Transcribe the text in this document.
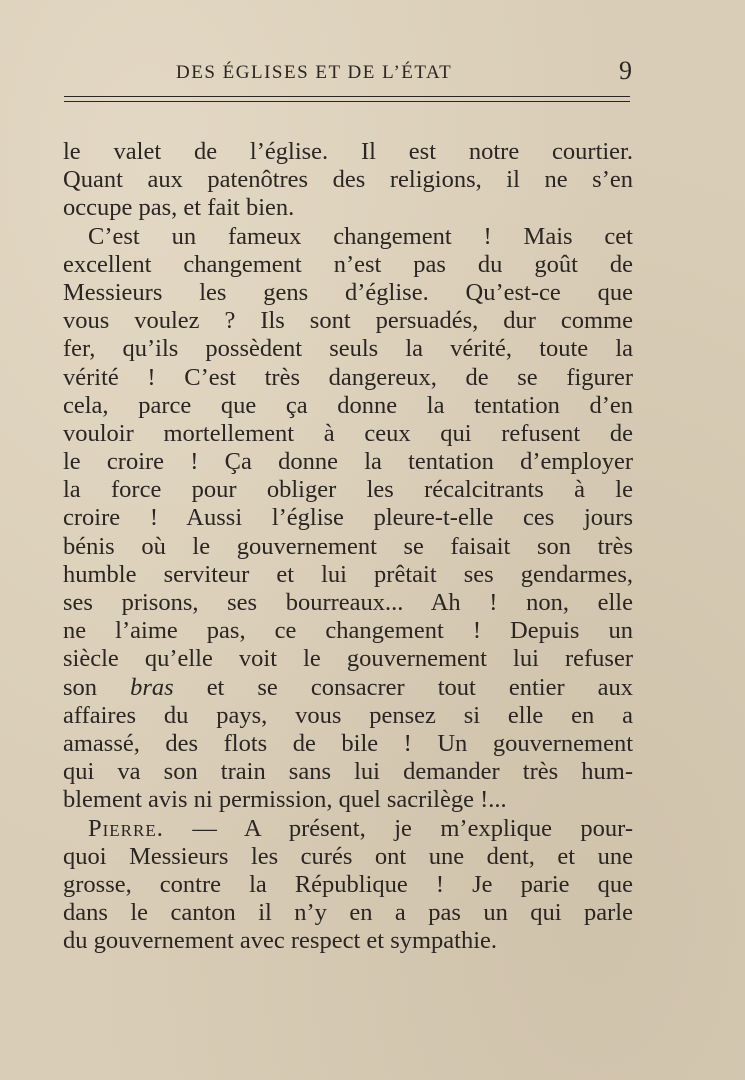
DES ÉGLISES ET DE L’ÉTAT	9
le valet de l’église. Il est notre courtier.
Quant aux patenôtres des religions, il ne s’en
occupe pas, et fait bien.
C’est un fameux changement ! Mais cet
excellent changement n’est pas du goût de
Messieurs les gens d’église. Qu’est-ce que
vous voulez ? Ils sont persuadés, dur comme
fer, qu’ils possèdent seuls la vérité, toute la
vérité ! C’est très dangereux, de se figurer
cela, parce que ça donne la tentation d’en
vouloir mortellement à ceux qui refusent de
le croire ! Ça donne la tentation d’employer
la force pour obliger les récalcitrants à le
croire ! Aussi l’église pleure-t-elle ces jours
bénis où le gouvernement se faisait son très
humble serviteur et lui prêtait ses gendarmes,
ses prisons, ses bourreaux... Ah ! non, elle
ne l’aime pas, ce changement ! Depuis un
siècle qu’elle voit le gouvernement lui refuser
son bras et se consacrer tout entier aux
affaires du pays, vous pensez si elle en a
amassé, des flots de bile ! Un gouvernement
qui va son train sans lui demander très hum-
blement avis ni permission, quel sacrilège !...
Pierre. — A présent, je m’explique pour-
quoi Messieurs les curés ont une dent, et une
grosse, contre la République ! Je parie que
dans le canton il n’y en a pas un qui parle
du gouvernement avec respect et sympathie.
